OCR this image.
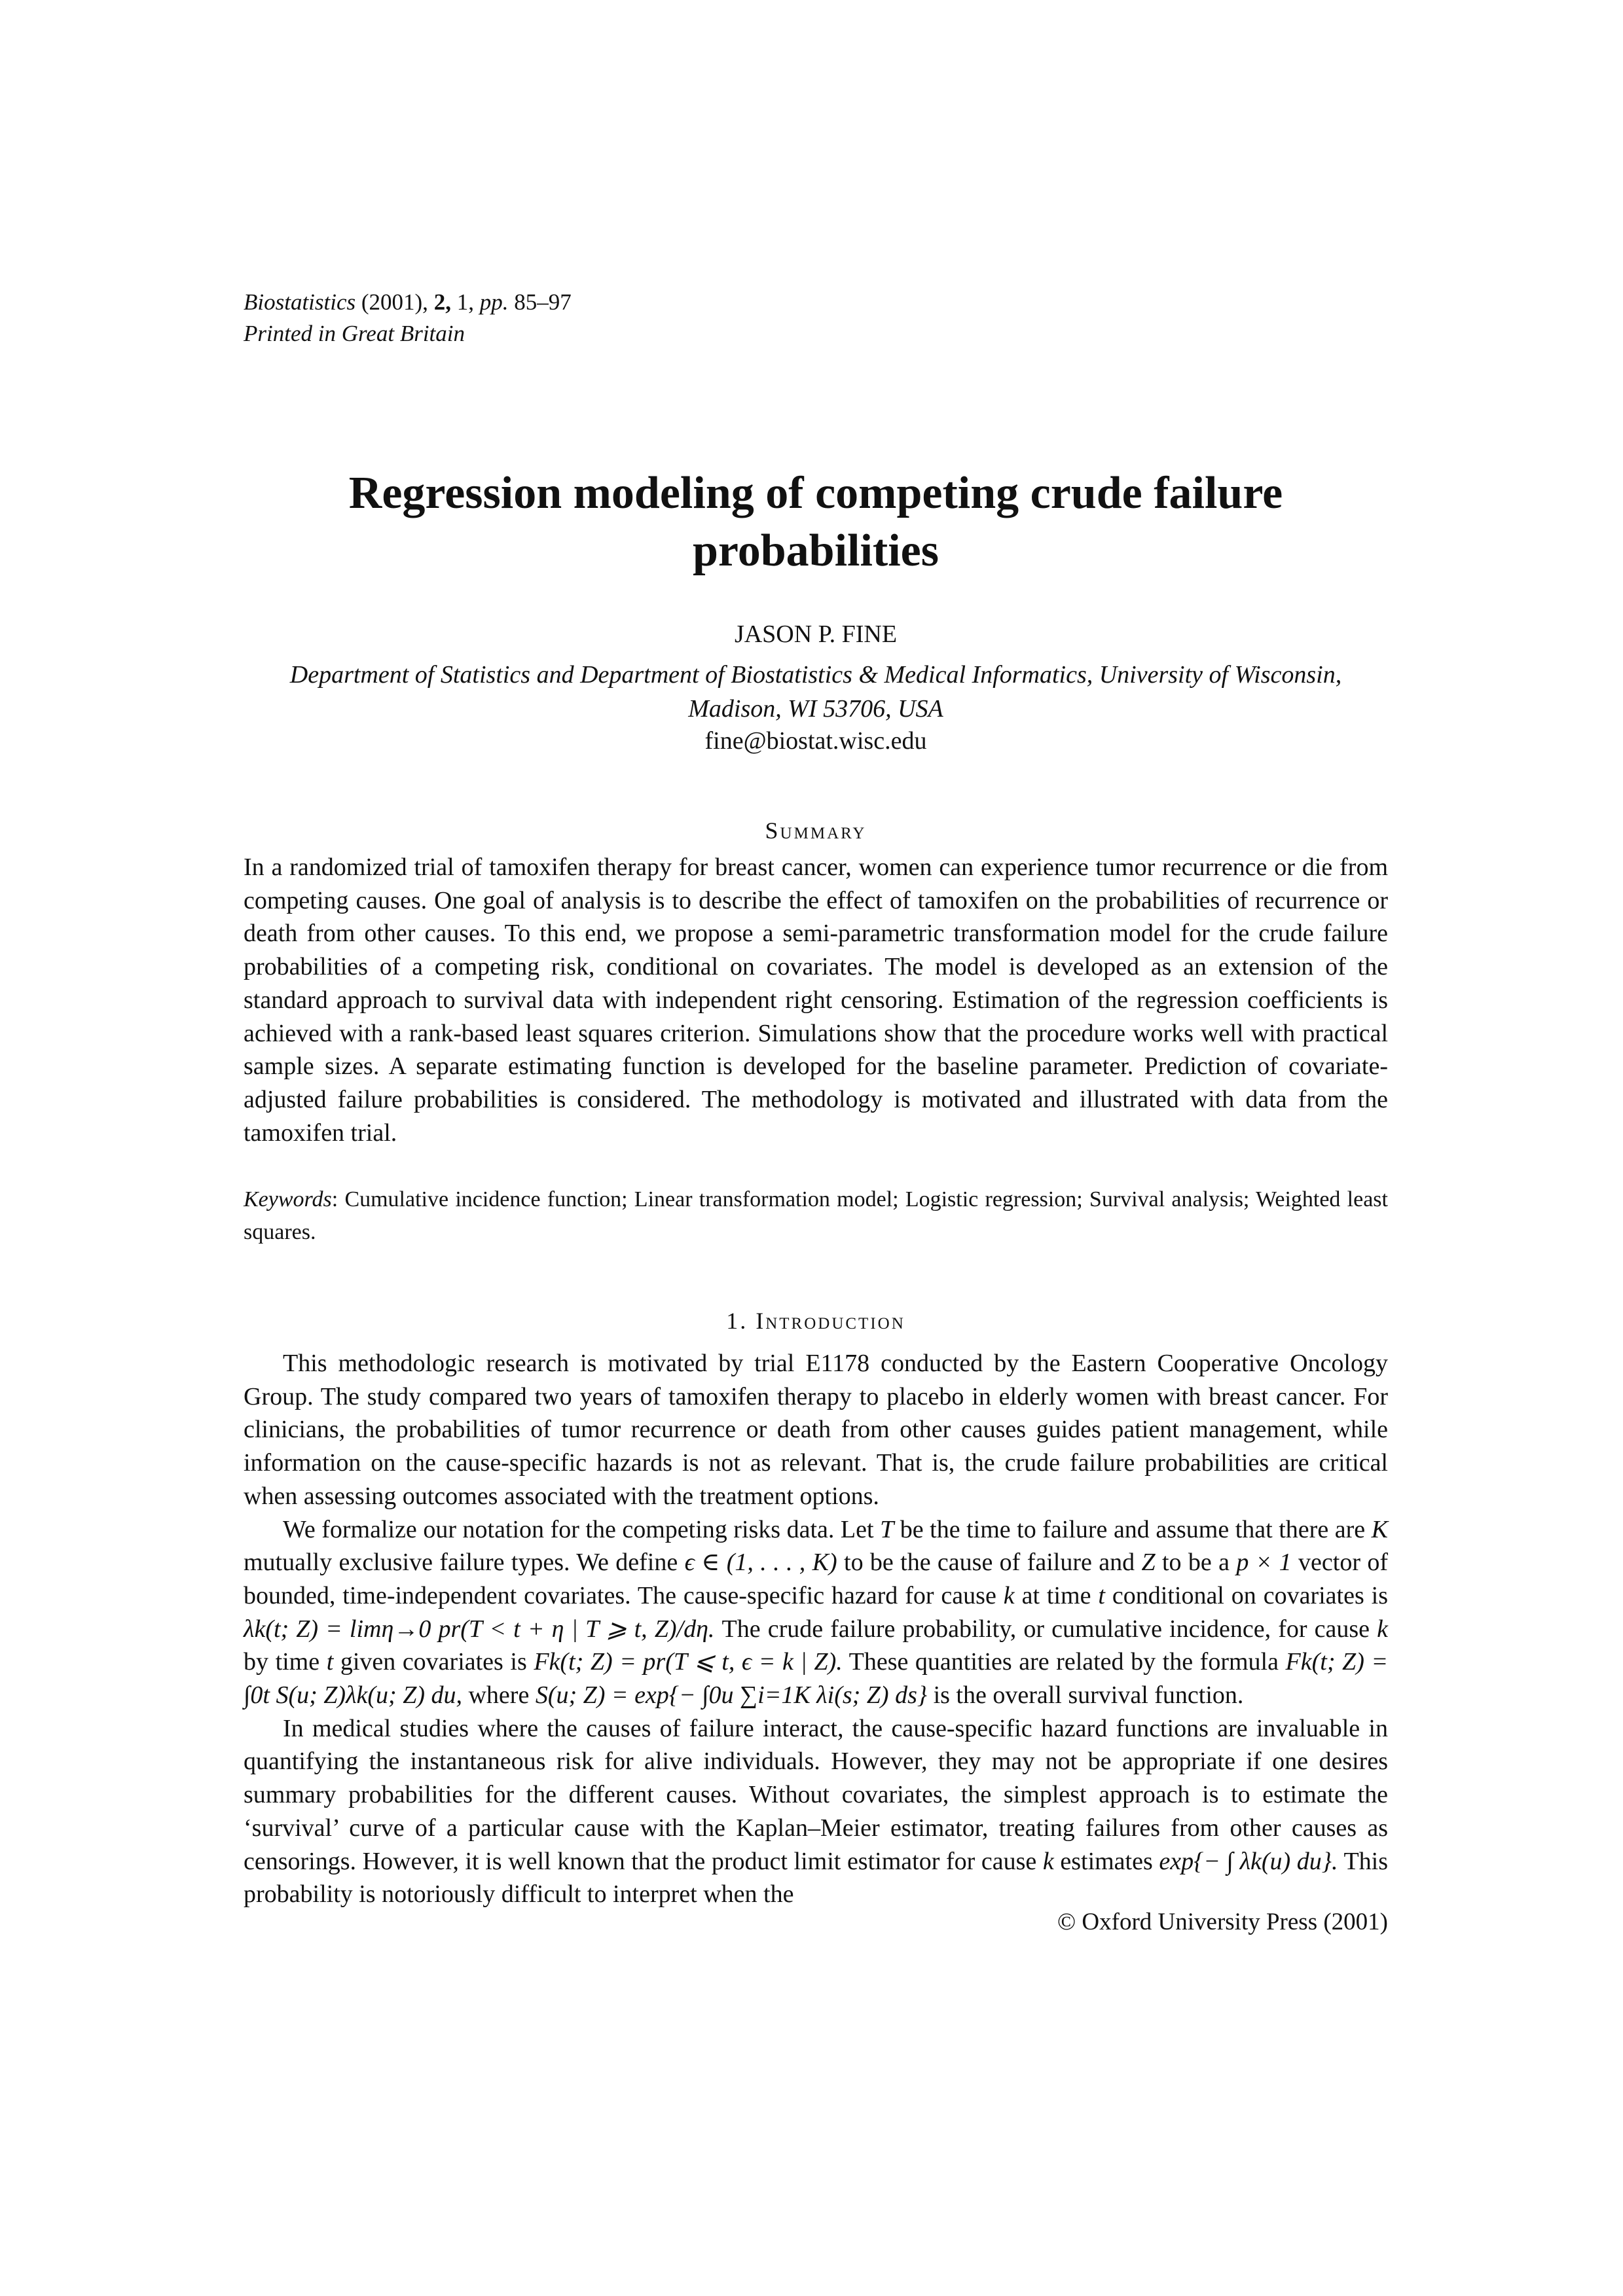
Biostatistics (2001), 2, 1, pp. 85–97
Printed in Great Britain
Regression modeling of competing crude failure probabilities
JASON P. FINE
Department of Statistics and Department of Biostatistics & Medical Informatics, University of Wisconsin, Madison, WI 53706, USA
fine@biostat.wisc.edu
Summary
In a randomized trial of tamoxifen therapy for breast cancer, women can experience tumor recurrence or die from competing causes. One goal of analysis is to describe the effect of tamoxifen on the probabilities of recurrence or death from other causes. To this end, we propose a semi-parametric transformation model for the crude failure probabilities of a competing risk, conditional on covariates. The model is developed as an extension of the standard approach to survival data with independent right censoring. Estimation of the regression coefficients is achieved with a rank-based least squares criterion. Simulations show that the procedure works well with practical sample sizes. A separate estimating function is developed for the baseline parameter. Prediction of covariate-adjusted failure probabilities is considered. The methodology is motivated and illustrated with data from the tamoxifen trial.
Keywords: Cumulative incidence function; Linear transformation model; Logistic regression; Survival analysis; Weighted least squares.
1. Introduction

This methodologic research is motivated by trial E1178 conducted by the Eastern Cooperative Oncology Group. The study compared two years of tamoxifen therapy to placebo in elderly women with breast cancer. For clinicians, the probabilities of tumor recurrence or death from other causes guides patient management, while information on the cause-specific hazards is not as relevant. That is, the crude failure probabilities are critical when assessing outcomes associated with the treatment options.

We formalize our notation for the competing risks data. Let T be the time to failure and assume that there are K mutually exclusive failure types. We define ϵ ∈ (1, . . . , K) to be the cause of failure and Z to be a p × 1 vector of bounded, time-independent covariates. The cause-specific hazard for cause k at time t conditional on covariates is λk(t; Z) = limη→0 pr(T < t + η | T ⩾ t, Z)/dη. The crude failure probability, or cumulative incidence, for cause k by time t given covariates is Fk(t; Z) = pr(T ⩽ t, ϵ = k | Z). These quantities are related by the formula Fk(t; Z) = ∫0t S(u; Z)λk(u; Z) du, where S(u; Z) = exp{− ∫0u ∑i=1K λi(s; Z) ds} is the overall survival function.

In medical studies where the causes of failure interact, the cause-specific hazard functions are invaluable in quantifying the instantaneous risk for alive individuals. However, they may not be appropriate if one desires summary probabilities for the different causes. Without covariates, the simplest approach is to estimate the ‘survival’ curve of a particular cause with the Kaplan–Meier estimator, treating failures from other causes as censorings. However, it is well known that the product limit estimator for cause k estimates exp{− ∫ λk(u) du}. This probability is notoriously difficult to interpret when the

© Oxford University Press (2001)
